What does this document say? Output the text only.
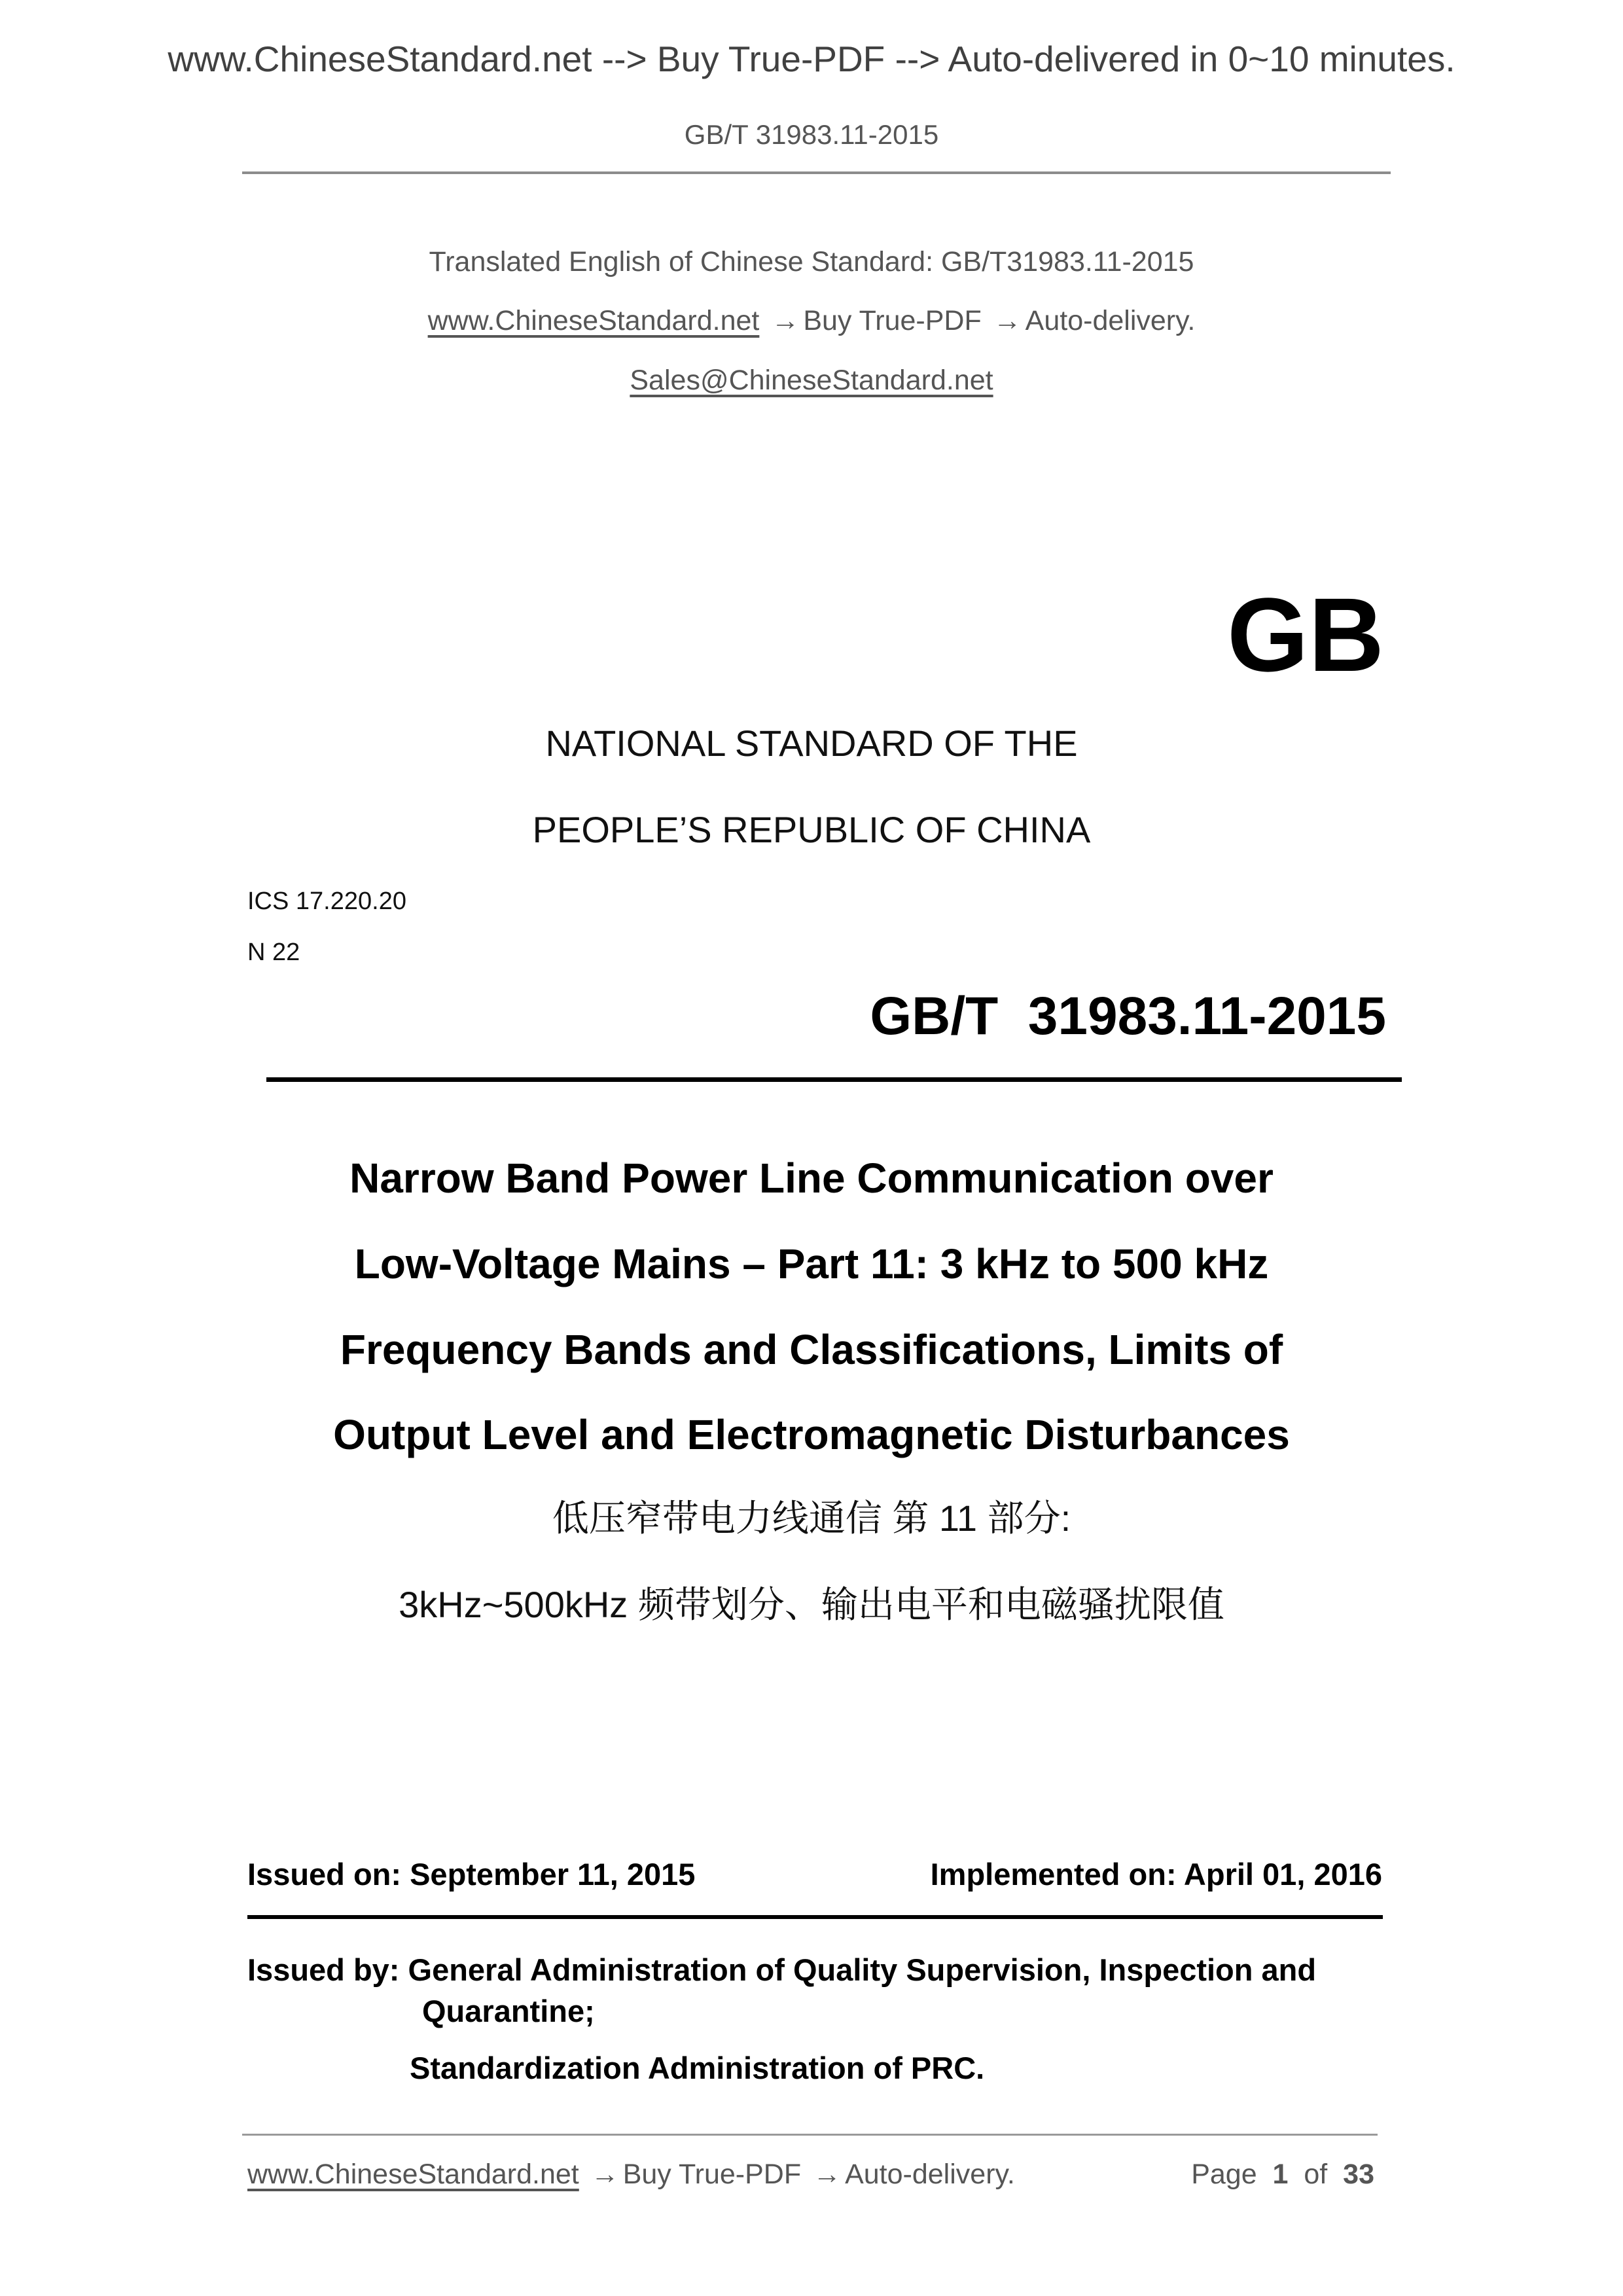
www.ChineseStandard.net --> Buy True-PDF --> Auto-delivered in 0~10 minutes.
GB/T 31983.11-2015
Translated English of Chinese Standard: GB/T31983.11-2015
www.ChineseStandard.net → Buy True-PDF → Auto-delivery.
Sales@ChineseStandard.net
GB
NATIONAL STANDARD OF THE
PEOPLE’S REPUBLIC OF CHINA
ICS 17.220.20
N 22
GB/T  31983.11-2015
Narrow Band Power Line Communication over
Low-Voltage Mains – Part 11: 3 kHz to 500 kHz
Frequency Bands and Classifications, Limits of
Output Level and Electromagnetic Disturbances
低压窄带电力线通信 第 11 部分:
3kHz~500kHz 频带划分、输出电平和电磁骚扰限值
Issued on: September 11, 2015	Implemented on: April 01, 2016
Issued by: General Administration of Quality Supervision, Inspection and
Quarantine;
Standardization Administration of PRC.
www.ChineseStandard.net → Buy True-PDF → Auto-delivery.	Page 1 of 33
